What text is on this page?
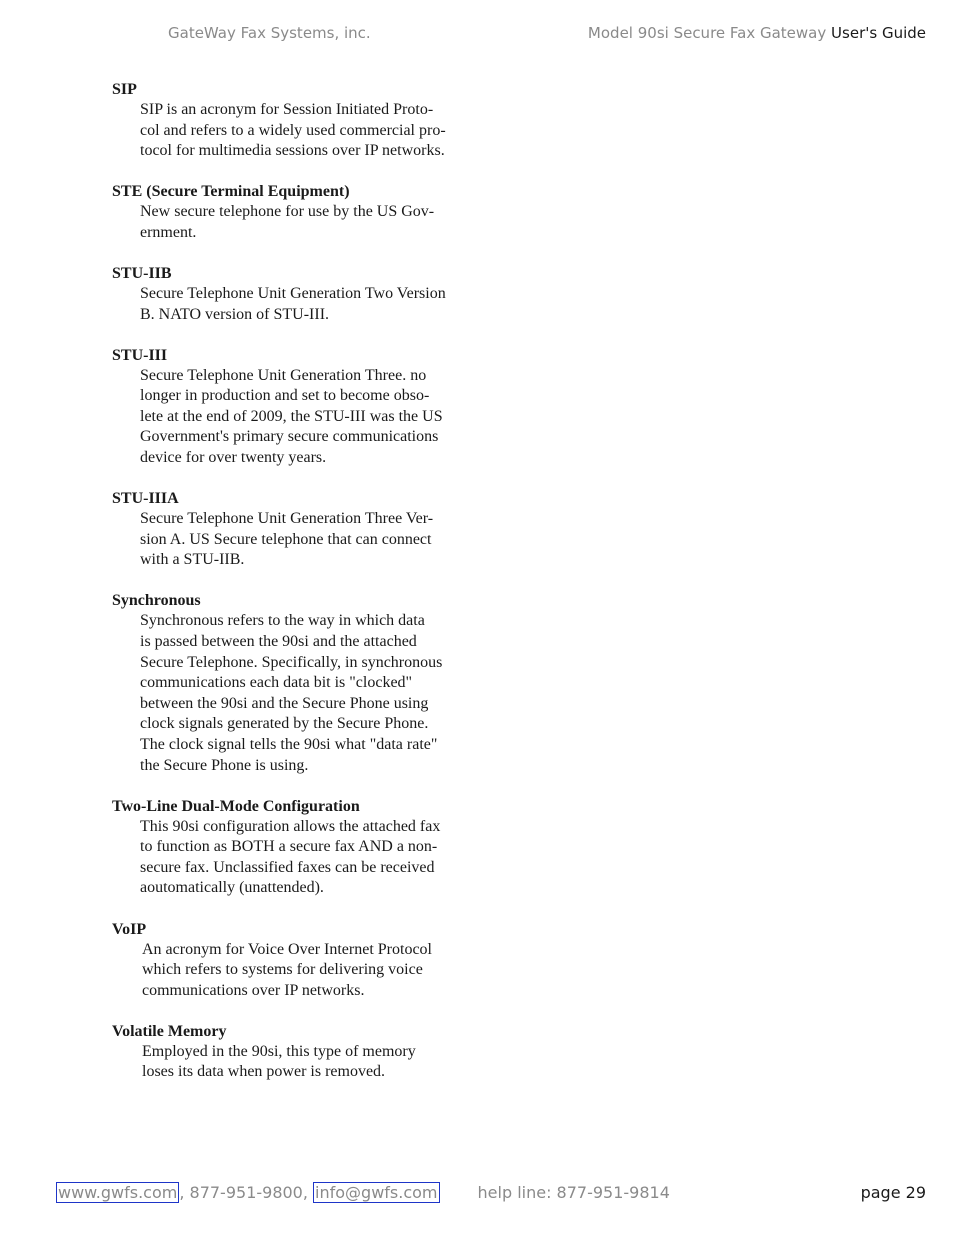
GateWay Fax Systems, inc.	Model 90si Secure Fax Gateway User's Guide

SIP

SIP is an acronym for Session Initiated Proto-
col and refers to a widely used commercial pro-
tocol for multimedia sessions over IP networks.

STE (Secure Terminal Equipment)

New secure telephone for use by the US Gov-
ernment.

STU-IIB

Secure Telephone Unit Generation Two Version
B. NATO version of STU-III.

STU-III

Secure Telephone Unit Generation Three. no
longer in production and set to become obso-
lete at the end of 2009, the STU-III was the US
Government's primary secure communications
device for over twenty years.

STU-IIIA

Secure Telephone Unit Generation Three Ver-
sion A. US Secure telephone that can connect
with a STU-IIB.

Synchronous

Synchronous refers to the way in which data
is passed between the 90si and the attached
Secure Telephone. Specifically, in synchronous
communications each data bit is "clocked"
between the 90si and the Secure Phone using
clock signals generated by the Secure Phone.
The clock signal tells the 90si what "data rate"
the Secure Phone is using.

Two-Line Dual-Mode Configuration

This 90si configuration allows the attached fax
to function as BOTH a secure fax AND a non-
secure fax. Unclassified faxes can be received
aoutomatically (unattended).

VoIP

An acronym for Voice Over Internet Protocol
which refers to systems for delivering voice
communications over IP networks.

Volatile Memory

Employed in the 90si, this type of memory
loses its data when power is removed.

www.gwfs.com , 877-951-9800, info@gwfs.com	help line: 877-951-9814	page 29
